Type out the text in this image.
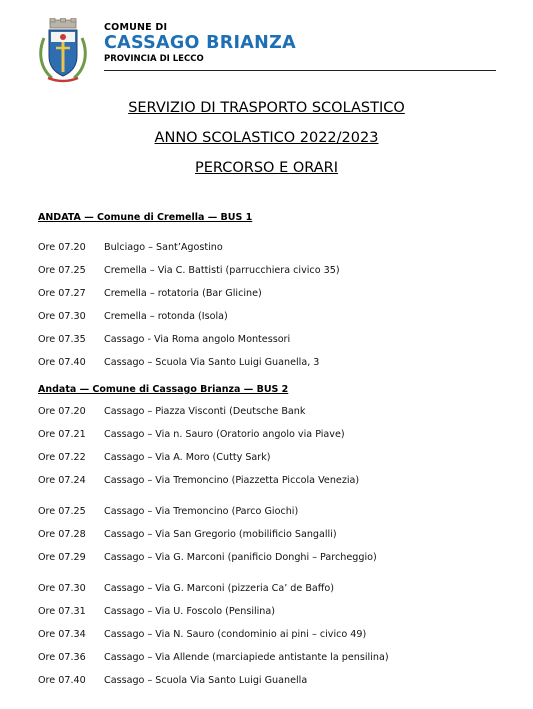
COMUNE DI
CASSAGO BRIANZA
PROVINCIA DI LECCO
SERVIZIO DI TRASPORTO SCOLASTICO
ANNO SCOLASTICO 2022/2023
PERCORSO E ORARI
ANDATA — Comune di Cremella — BUS 1
Ore 07.20Bulciago – Sant’Agostino
Ore 07.25 Cremella – Via C. Battisti (parrucchiera civico 35)
Ore 07.27 Cremella – rotatoria (Bar Glicine)
Ore 07.30 Cremella – rotonda (Isola)
Ore 07.35 Cassago - Via Roma angolo Montessori
Ore 07.40 Cassago – Scuola Via Santo Luigi Guanella, 3
Andata — Comune di Cassago Brianza — BUS 2
Ore 07.20 Cassago – Piazza Visconti (Deutsche Bank
Ore 07.21 Cassago – Via n. Sauro (Oratorio angolo via Piave)
Ore 07.22 Cassago – Via A. Moro (Cutty Sark)
Ore 07.24 Cassago – Via Tremoncino (Piazzetta Piccola Venezia)
Ore 07.25 Cassago – Via Tremoncino (Parco Giochi)
Ore 07.28 Cassago – Via San Gregorio (mobilificio Sangalli)
Ore 07.29 Cassago – Via G. Marconi (panificio Donghi – Parcheggio)
Ore 07.30 Cassago – Via G. Marconi (pizzeria Ca’ de Baffo)
Ore 07.31 Cassago – Via U. Foscolo (Pensilina)
Ore 07.34 Cassago – Via N. Sauro (condominio ai pini – civico 49)
Ore 07.36 Cassago – Via Allende (marciapiede antistante la pensilina)
Ore 07.40 Cassago – Scuola Via Santo Luigi Guanella
